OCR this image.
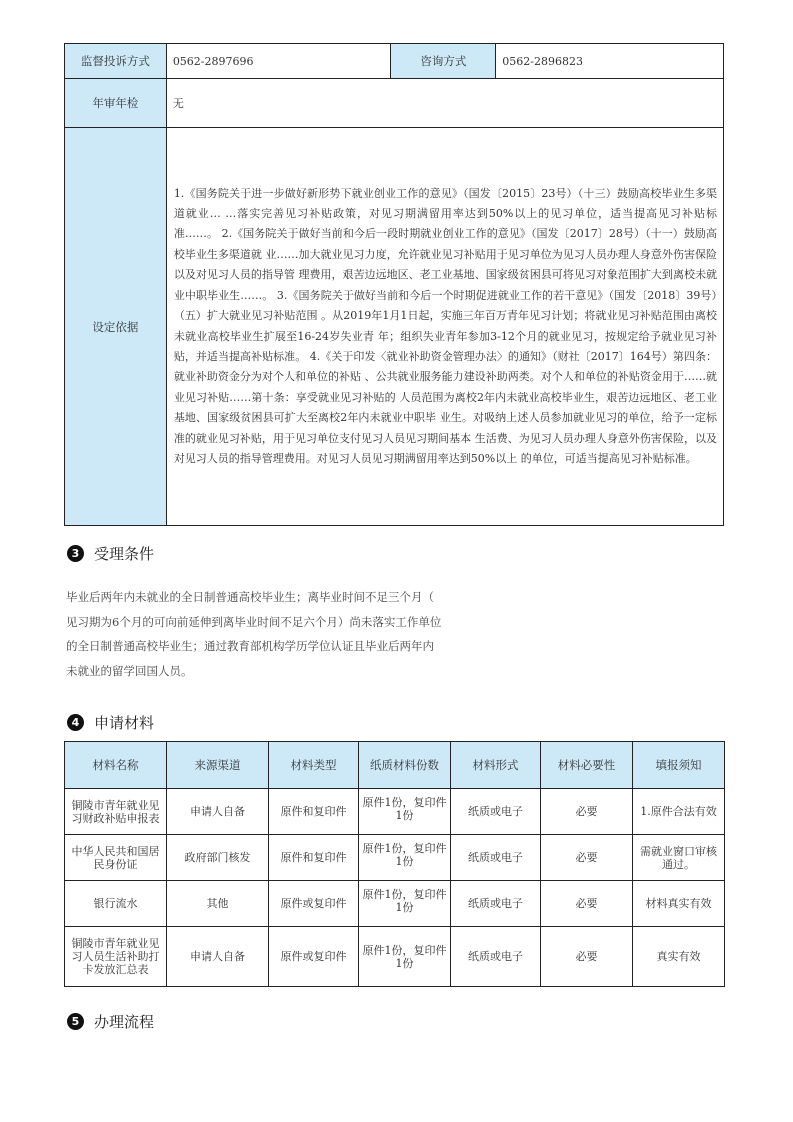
监督投诉方式	0562-2897696	咨询方式	0562-2896823
年审年检	无		
设定依据	1.《国务院关于进一步做好新形势下就业创业工作的意见》（国发〔2015〕23号）（十三）鼓励高校毕业生多渠道就业… …落实完善见习补贴政策，对见习期满留用率达到50%以上的见习单位，适当提高见习补贴标准……。 2.《国务院关于做好当前和今后一段时期就业创业工作的意见》（国发〔2017〕28号）（十一）鼓励高校毕业生多渠道就 业……加大就业见习力度，允许就业见习补贴用于见习单位为见习人员办理人身意外伤害保险以及对见习人员的指导管 理费用，艰苦边远地区、老工业基地、国家级贫困县可将见习对象范围扩大到离校未就业中职毕业生……。 3.《国务院关于做好当前和今后一个时期促进就业工作的若干意见》（国发〔2018〕39号）（五）扩大就业见习补贴范围 。从2019年1月1日起，实施三年百万青年见习计划；将就业见习补贴范围由离校未就业高校毕业生扩展至16-24岁失业青 年；组织失业青年参加3-12个月的就业见习，按规定给予就业见习补贴，并适当提高补贴标准。 4.《关于印发〈就业补助资金管理办法〉的通知》（财社〔2017〕164号）第四条：就业补助资金分为对个人和单位的补贴 、公共就业服务能力建设补助两类。对个人和单位的补贴资金用于……就业见习补贴……第十条：享受就业见习补贴的 人员范围为离校2年内未就业高校毕业生，艰苦边远地区、老工业基地、国家级贫困县可扩大至离校2年内未就业中职毕 业生。对吸纳上述人员参加就业见习的单位，给予一定标准的就业见习补贴，用于见习单位支付见习人员见习期间基本 生活费、为见习人员办理人身意外伤害保险，以及对见习人员的指导管理费用。对见习人员见习期满留用率达到50%以上 的单位，可适当提高见习补贴标准。		
3 受理条件

毕业后两年内未就业的全日制普通高校毕业生；离毕业时间不足三个月（
见习期为6个月的可向前延伸到离毕业时间不足六个月）尚未落实工作单位
的全日制普通高校毕业生；通过教育部机构学历学位认证且毕业后两年内
未就业的留学回国人员。

4 申请材料
材料名称	来源渠道	材料类型	纸质材料份数	材料形式	材料必要性	填报须知
铜陵市青年就业见习财政补贴申报表	申请人自备	原件和复印件	原件1份，复印件1份	纸质或电子	必要	1.原件合法有效
中华人民共和国居民身份证	政府部门核发	原件和复印件	原件1份，复印件1份	纸质或电子	必要	需就业窗口审核通过。
银行流水	其他	原件或复印件	原件1份，复印件1份	纸质或电子	必要	材料真实有效
铜陵市青年就业见习人员生活补助打卡发放汇总表	申请人自备	原件或复印件	原件1份，复印件1份	纸质或电子	必要	真实有效
5 办理流程
